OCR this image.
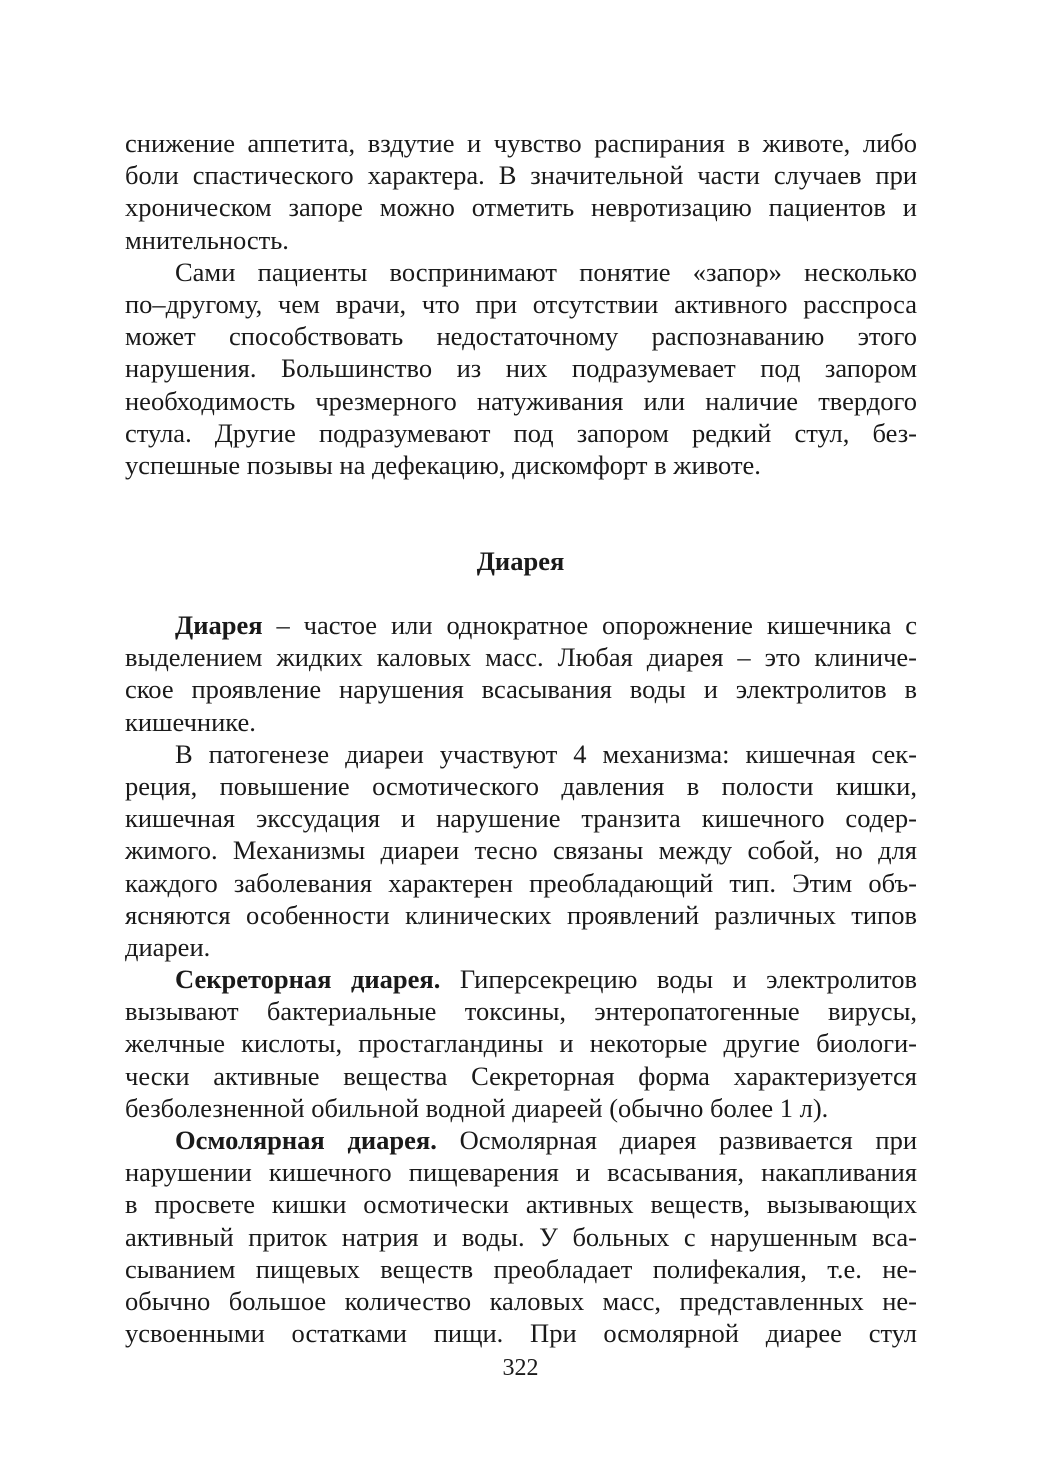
снижение аппетита, вздутие и чувство распирания в животе, либо
боли спастического характера. В значительной части случаев при
хроническом запоре можно отметить невротизацию пациентов и
мнительность.
Сами пациенты воспринимают понятие «запор» несколько
по–другому, чем врачи, что при отсутствии активного расспроса
может способствовать недостаточному распознаванию этого
нарушения. Большинство из них подразумевает под запором
необходимость чрезмерного натуживания или наличие твердого
стула. Другие подразумевают под запором редкий стул, без-
успешные позывы на дефекацию, дискомфорт в животе.
Диарея
Диарея – частое или однократное опорожнение кишечника с
выделением жидких каловых масс. Любая диарея – это клиниче-
ское проявление нарушения всасывания воды и электролитов в
кишечнике.
В патогенезе диареи участвуют 4 механизма: кишечная сек-
реция, повышение осмотического давления в полости кишки,
кишечная экссудация и нарушение транзита кишечного содер-
жимого. Механизмы диареи тесно связаны между собой, но для
каждого заболевания характерен преобладающий тип. Этим объ-
ясняются особенности клинических проявлений различных типов
диареи.
Секреторная диарея. Гиперсекрецию воды и электролитов
вызывают бактериальные токсины, энтеропатогенные вирусы,
желчные кислоты, простагландины и некоторые другие биологи-
чески активные вещества Секреторная форма характеризуется
безболезненной обильной водной диареей (обычно более 1 л).
Осмолярная диарея. Осмолярная диарея развивается при
нарушении кишечного пищеварения и всасывания, накапливания
в просвете кишки осмотически активных веществ, вызывающих
активный приток натрия и воды. У больных с нарушенным вса-
сыванием пищевых веществ преобладает полифекалия, т.е. не-
обычно большое количество каловых масс, представленных не-
усвоенными остатками пищи. При осмолярной диарее стул
322
